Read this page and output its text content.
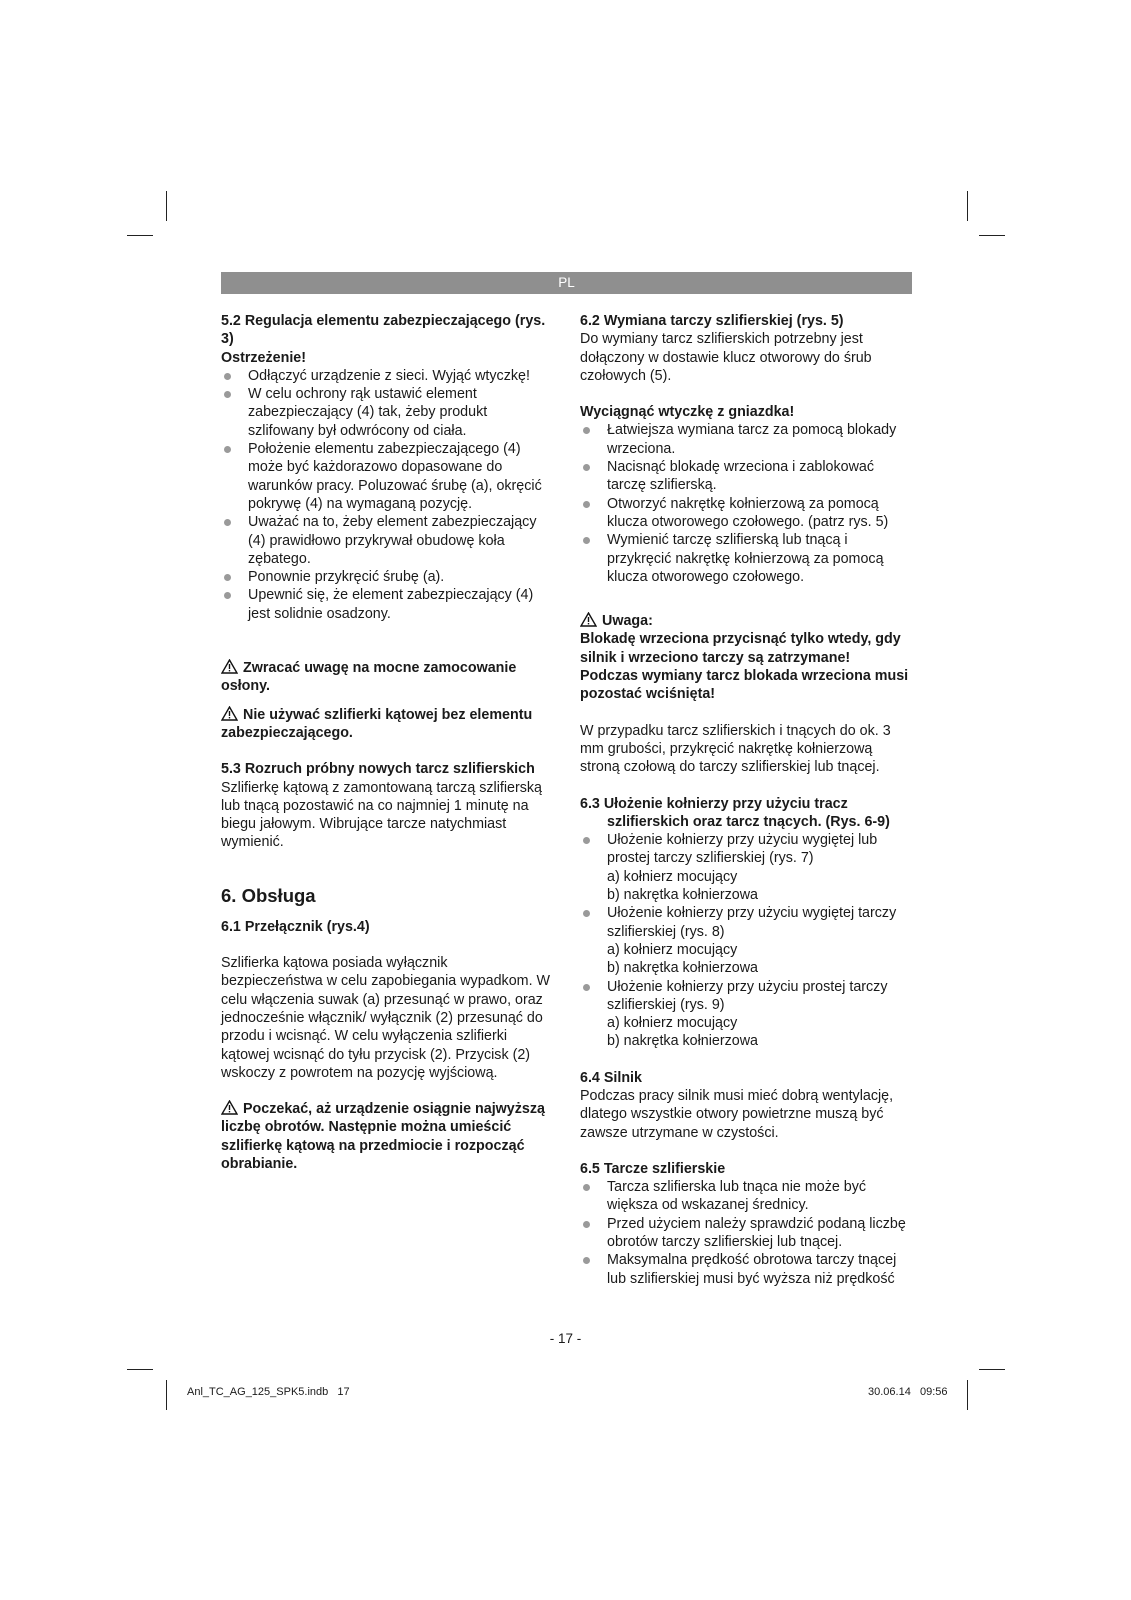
PL

5.2 Regulacja elementu zabezpieczającego (rys. 3)

Ostrzeżenie!

Odłączyć urządzenie z sieci. Wyjąć wtyczkę!
W celu ochrony rąk ustawić element zabezpieczający (4) tak, żeby produkt szlifowany był odwrócony od ciała.
Położenie elementu zabezpieczającego (4) może być każdorazowo dopasowane do warunków pracy. Poluzować śrubę (a), okręcić pokrywę (4) na wymaganą pozycję.
Uważać na to, żeby element zabezpieczający (4) prawidłowo przykrywał obudowę koła zębatego.
Ponownie przykręcić śrubę (a).
Upewnić się, że element zabezpieczający (4) jest solidnie osadzony.

Zwracać uwagę na mocne zamocowanie osłony.

Nie używać szlifierki kątowej bez elementu zabezpieczającego.

5.3 Rozruch próbny nowych tarcz szlifierskich

Szlifierkę kątową z zamontowaną tarczą szlifierską lub tnącą pozostawić na co najmniej 1 minutę na biegu jałowym. Wibrujące tarcze natychmiast wymienić.

6. Obsługa

6.1 Przełącznik (rys.4)

Szlifierka kątowa posiada wyłącznik bezpieczeństwa w celu zapobiegania wypadkom. W celu włączenia suwak (a) przesunąć w prawo, oraz jednocześnie włącznik/ wyłącznik (2) przesunąć do przodu i wcisnąć. W celu wyłączenia szlifierki kątowej wcisnąć do tyłu przycisk (2). Przycisk (2) wskoczy z powrotem na pozycję wyjściową.

Poczekać, aż urządzenie osiągnie najwyższą liczbę obrotów. Następnie można umieścić szlifierkę kątową na przedmiocie i rozpocząć obrabianie.

6.2 Wymiana tarczy szlifierskiej (rys. 5)

Do wymiany tarcz szlifierskich potrzebny jest dołączony w dostawie klucz otworowy do śrub czołowych (5).

Wyciągnąć wtyczkę z gniazdka!

Łatwiejsza wymiana tarcz za pomocą blokady wrzeciona.
Nacisnąć blokadę wrzeciona i zablokować tarczę szlifierską.
Otworzyć nakrętkę kołnierzową za pomocą klucza otworowego czołowego. (patrz rys. 5)
Wymienić tarczę szlifierską lub tnącą i przykręcić nakrętkę kołnierzową za pomocą klucza otworowego czołowego.

Uwaga:

Blokadę wrzeciona przycisnąć tylko wtedy, gdy silnik i wrzeciono tarczy są zatrzymane! Podczas wymiany tarcz blokada wrzeciona musi pozostać wciśnięta!

W przypadku tarcz szlifierskich i tnących do ok. 3 mm grubości, przykręcić nakrętkę kołnierzową stroną czołową do tarczy szlifierskiej lub tnącej.

6.3 Ułożenie kołnierzy przy użyciu tracz szlifierskich oraz tarcz tnących. (Rys. 6-9)

Ułożenie kołnierzy przy użyciu wygiętej lub prostej tarczy szlifierskiej (rys. 7)
a) kołnierz mocujący
b) nakrętka kołnierzowa
Ułożenie kołnierzy przy użyciu wygiętej tarczy szlifierskiej (rys. 8)
a) kołnierz mocujący
b) nakrętka kołnierzowa
Ułożenie kołnierzy przy użyciu prostej tarczy szlifierskiej (rys. 9)
a) kołnierz mocujący
b) nakrętka kołnierzowa

6.4 Silnik

Podczas pracy silnik musi mieć dobrą wentylację, dlatego wszystkie otwory powietrzne muszą być zawsze utrzymane w czystości.

6.5 Tarcze szlifierskie

Tarcza szlifierska lub tnąca nie może być większa od wskazanej średnicy.
Przed użyciem należy sprawdzić podaną liczbę obrotów tarczy szlifierskiej lub tnącej.
Maksymalna prędkość obrotowa tarczy tnącej lub szlifierskiej musi być wyższa niż prędkość
- 17 -
Anl_TC_AG_125_SPK5.indb   17	30.06.14   09:56
